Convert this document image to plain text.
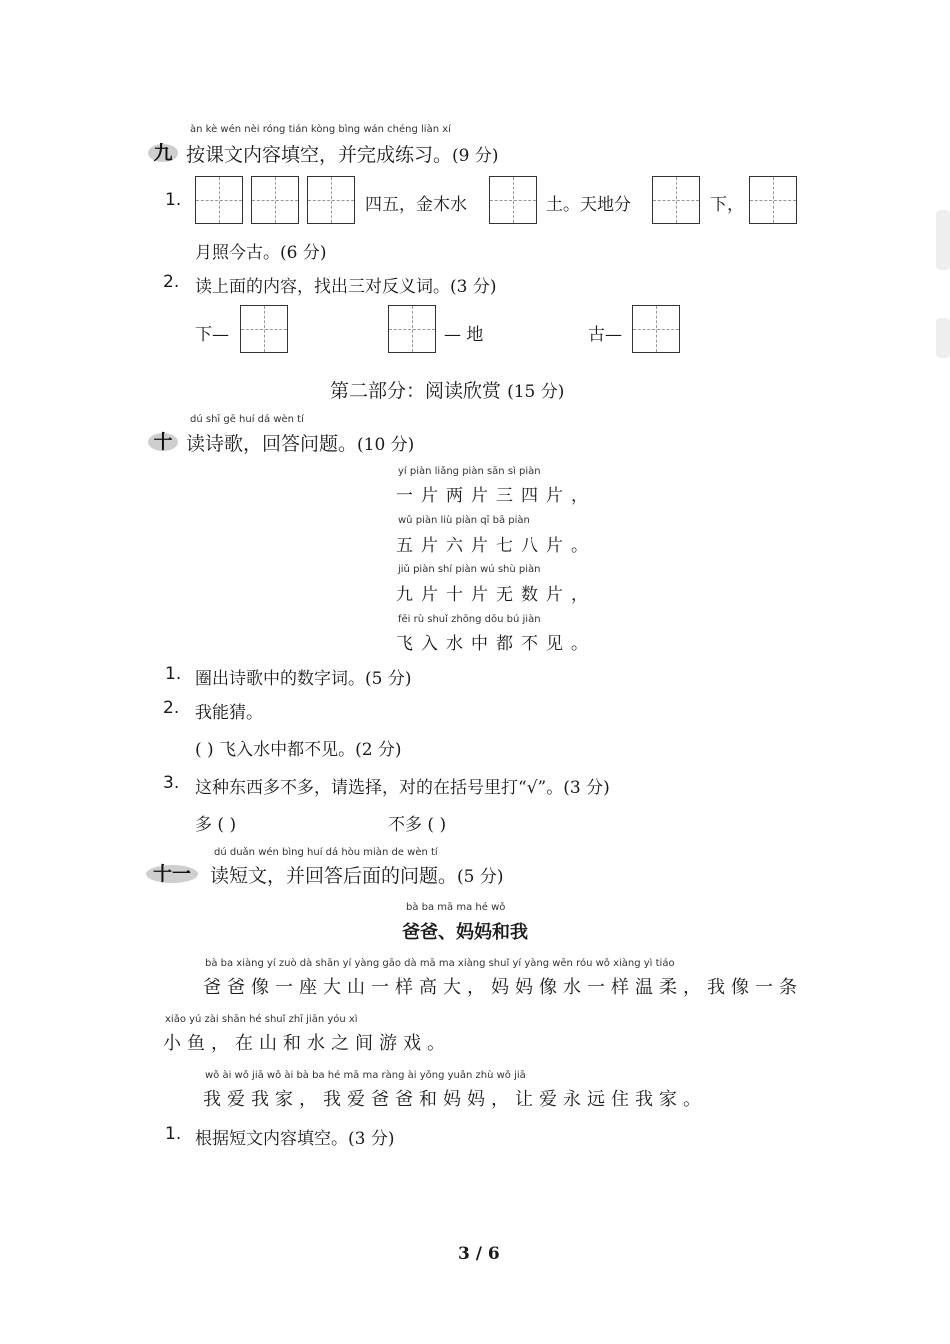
àn kè wén nèi róng tián kòng bìng wán chéng liàn xí
九 按课文内容填空，并完成练习。(9 分)
1.	四五，金木水	土。天地分	下，
月照今古。(6 分)
2. 读上面的内容，找出三对反义词。(3 分)
下—	— 地	古—
第二部分：阅读欣赏 (15 分)
dú shī gē huí dá wèn tí
十 读诗歌，回答问题。(10 分)
yí piàn liǎng piàn sān sì piàn
一片两片三四片，
wǔ piàn liù piàn qī bā piàn
五片六片七八片。
jiǔ piàn shí piàn wú shù piàn
九片十片无数片，
fēi rù shuǐ zhōng dōu bú jiàn
飞入水中都不见。
1. 圈出诗歌中的数字词。(5 分)
2. 我能猜。
( ) 飞入水中都不见。(2 分)
3. 这种东西多不多，请选择，对的在括号里打“√”。(3 分)
多 ( )	不多 ( )
dú duǎn wén bìng huí dá hòu miàn de wèn tí
十一	读短文，并回答后面的问题。(5 分)
bà ba mā ma hé wǒ
爸爸、妈妈和我
bà ba xiàng yí zuò dà shān yí yàng gāo dà mā ma xiàng shuǐ yí yàng wēn róu wǒ xiàng yì tiáo
爸爸像一座大山一样高大，妈妈像水一样温柔，我像一条
xiǎo yú zài shān hé shuǐ zhī jiān yóu xì
小鱼，在山和水之间游戏。
wǒ ài wǒ jiā wǒ ài bà ba hé mā ma ràng ài yǒng yuǎn zhù wǒ jiā
我爱我家，我爱爸爸和妈妈，让爱永远住我家。
1. 根据短文内容填空。(3 分)
3 / 6
